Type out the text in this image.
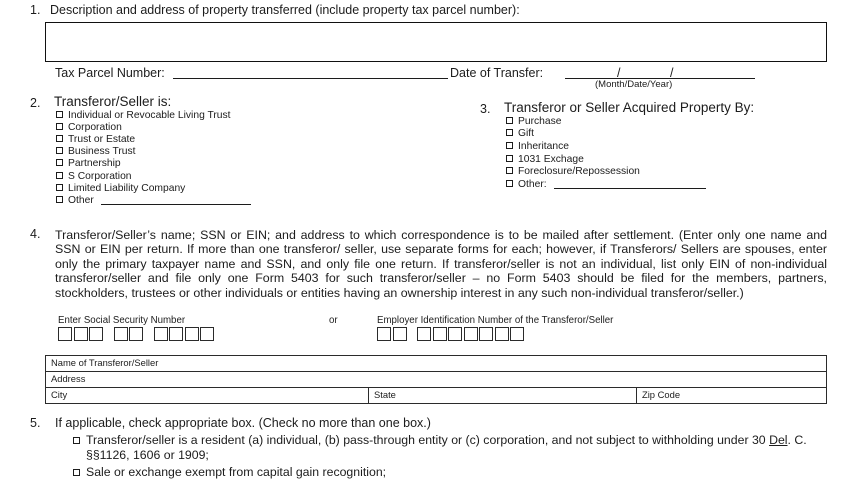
1. Description and address of property transferred (include property tax parcel number):
Tax Parcel Number:	Date of Transfer:	/	/
(Month/Date/Year)
2. Transferor/Seller is:
Individual or Revocable Living Trust
Corporation
Trust or Estate
Business Trust
Partnership
S Corporation
Limited Liability Company
Other
3. Transferor or Seller Acquired Property By:
Purchase
Gift
Inheritance
1031 Exchage
Foreclosure/Repossession
Other:
4. Transferor/Seller’s name; SSN or EIN; and address to which correspondence is to be mailed after settlement. (Enter only one name and SSN or EIN per return. If more than one transferor/ seller, use separate forms for each; however, if Transferors/ Sellers are spouses, enter only the primary taxpayer name and SSN, and only file one return. If transferor/seller is not an individual, list only EIN of non-individual transferor/seller and file only one Form 5403 for such transferor/seller – no Form 5403 should be filed for the members, partners, stockholders, trustees or other individuals or entities having an ownership interest in any such non-individual transferor/seller.)

Enter Social Security Number	or	Employer Identification Number of the Transferor/Seller
Name of Transferor/Seller
Address
City	State	Zip Code
5. If applicable, check appropriate box. (Check no more than one box.)
Transferor/seller is a resident (a) individual, (b) pass-through entity or (c) corporation, and not subject to withholding under 30 Del. C. §§1126, 1606 or 1909;
Sale or exchange exempt from capital gain recognition;
